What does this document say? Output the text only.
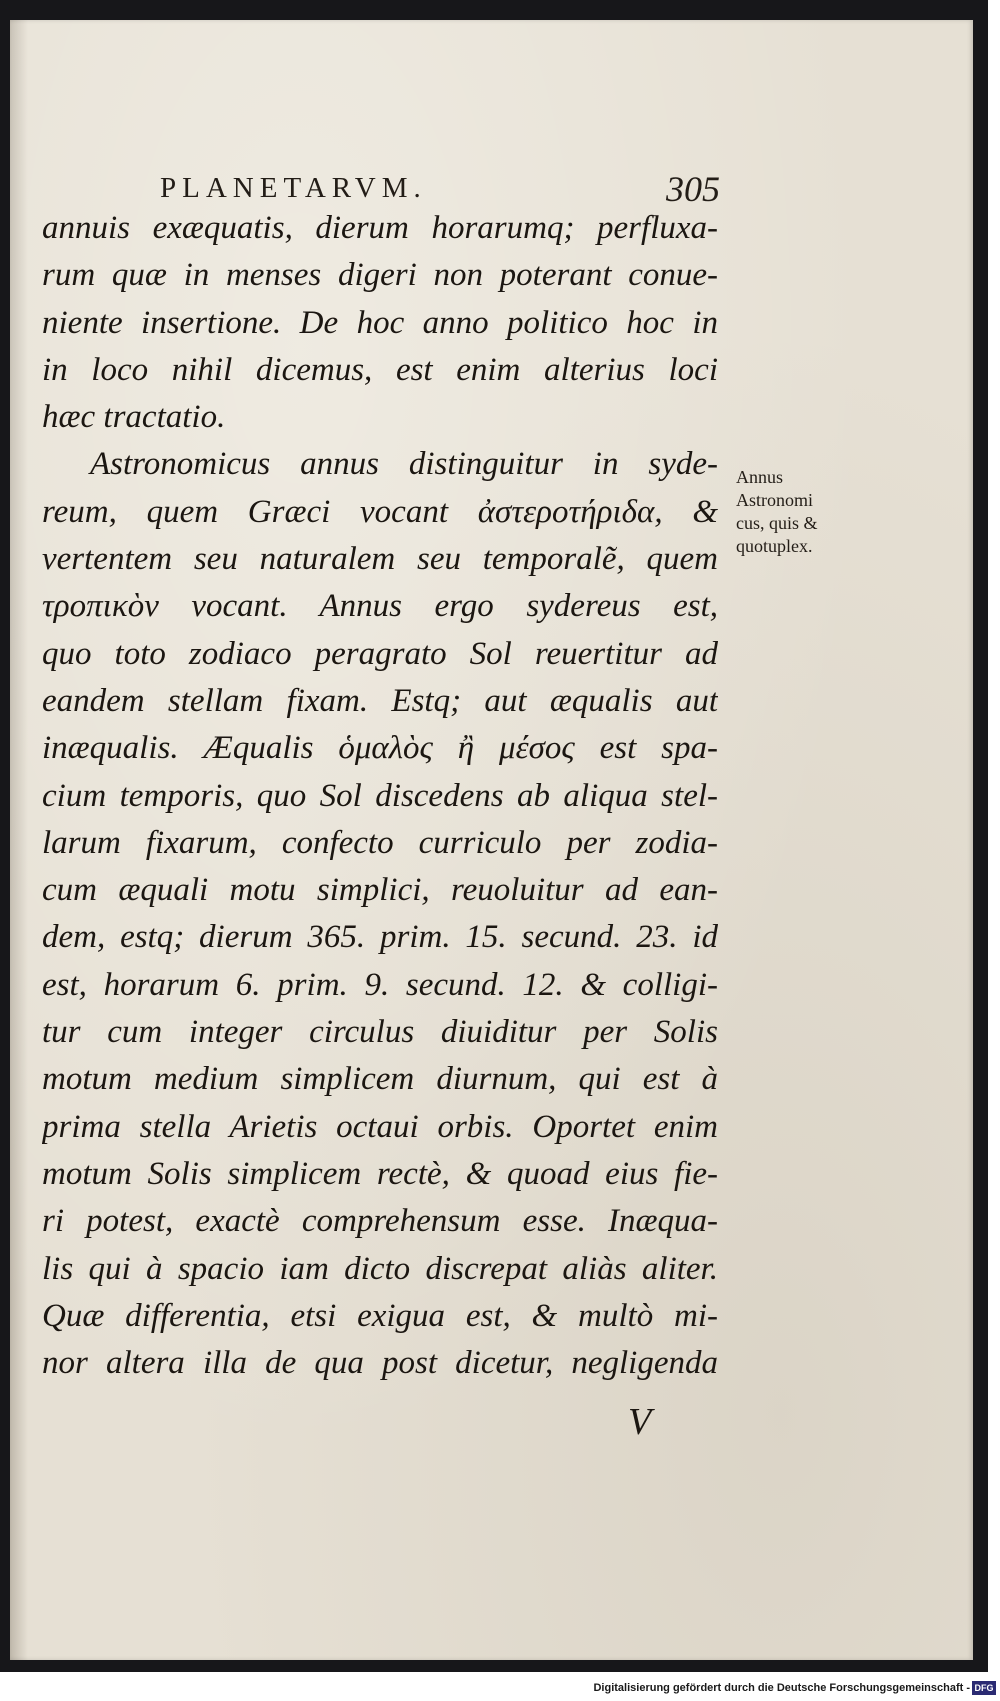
PLANETARVM.	305
Annus
Astronomi
cus, quis &
quotuplex.
V
annuis exæquatis, dierum horarumq; perfluxa-
rum quæ in menses digeri non poterant conue-
niente insertione. De hoc anno politico hoc in
in loco nihil dicemus, est enim alterius loci
hæc tractatio.
Astronomicus annus distinguitur in syde-
reum, quem Græci vocant ἀστεροτήριδα, &
vertentem seu naturalem seu temporalẽ, quem
τροπικὸν vocant. Annus ergo sydereus est,
quo toto zodiaco peragrato Sol reuertitur ad
eandem stellam fixam. Estq; aut æqualis aut
inæqualis. Æqualis ὁμαλὸς ἢ μέσος est spa-
cium temporis, quo Sol discedens ab aliqua stel-
larum fixarum, confecto curriculo per zodia-
cum æquali motu simplici, reuoluitur ad ean-
dem, estq; dierum 365. prim. 15. secund. 23. id
est, horarum 6. prim. 9. secund. 12. & colligi-
tur cum integer circulus diuiditur per Solis
motum medium simplicem diurnum, qui est à
prima stella Arietis octaui orbis. Oportet enim
motum Solis simplicem rectè, & quoad eius fie-
ri potest, exactè comprehensum esse. Inæqua-
lis qui à spacio iam dicto discrepat aliàs aliter.
Quæ differentia, etsi exigua est, & multò mi-
nor altera illa de qua post dicetur, negligenda
Digitalisierung gefördert durch die Deutsche Forschungsgemeinschaft - DFG
